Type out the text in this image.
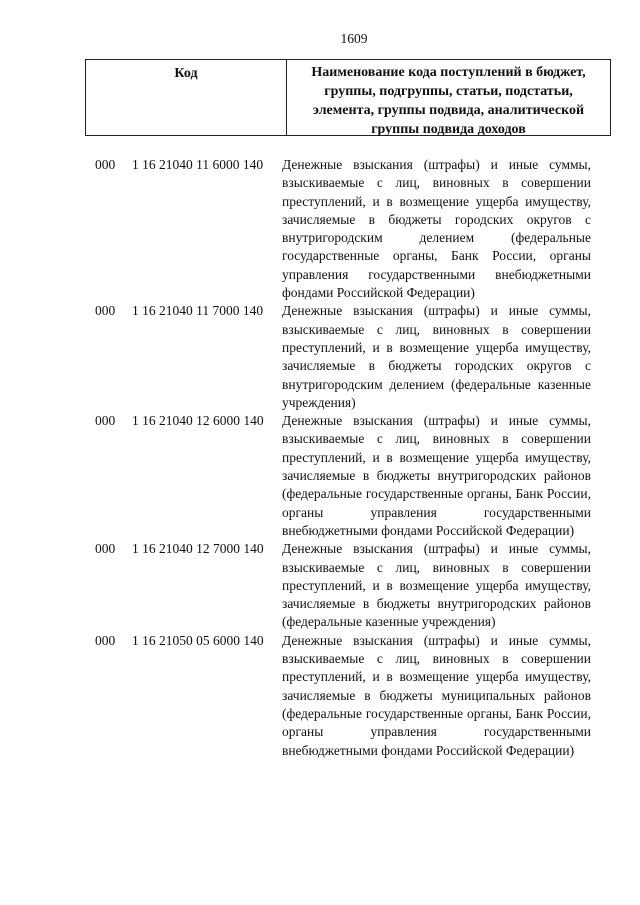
1609
Код	Наименование кода поступлений в бюджет, группы, подгруппы, статьи, подстатьи, элемента, группы подвида, аналитической группы подвида доходов
000	1 16 21040 11 6000 140	Денежные взыскания (штрафы) и иные суммы, взыскиваемые с лиц, виновных в совершении преступлений, и в возмещение ущерба имуществу, зачисляемые в бюджеты городских округов с внутригородским делением (федеральные государственные органы, Банк России, органы управления государственными внебюджетными фондами Российской Федерации)
000	1 16 21040 11 7000 140	Денежные взыскания (штрафы) и иные суммы, взыскиваемые с лиц, виновных в совершении преступлений, и в возмещение ущерба имуществу, зачисляемые в бюджеты городских округов с внутригородским делением (федеральные казенные учреждения)
000	1 16 21040 12 6000 140	Денежные взыскания (штрафы) и иные суммы, взыскиваемые с лиц, виновных в совершении преступлений, и в возмещение ущерба имуществу, зачисляемые в бюджеты внутригородских районов (федеральные государственные органы, Банк России, органы управления государственными внебюджетными фондами Российской Федерации)
000	1 16 21040 12 7000 140	Денежные взыскания (штрафы) и иные суммы, взыскиваемые с лиц, виновных в совершении преступлений, и в возмещение ущерба имуществу, зачисляемые в бюджеты внутригородских районов (федеральные казенные учреждения)
000	1 16 21050 05 6000 140	Денежные взыскания (штрафы) и иные суммы, взыскиваемые с лиц, виновных в совершении преступлений, и в возмещение ущерба имуществу, зачисляемые в бюджеты муниципальных районов (федеральные государственные органы, Банк России, органы управления государственными внебюджетными фондами Российской Федерации)
